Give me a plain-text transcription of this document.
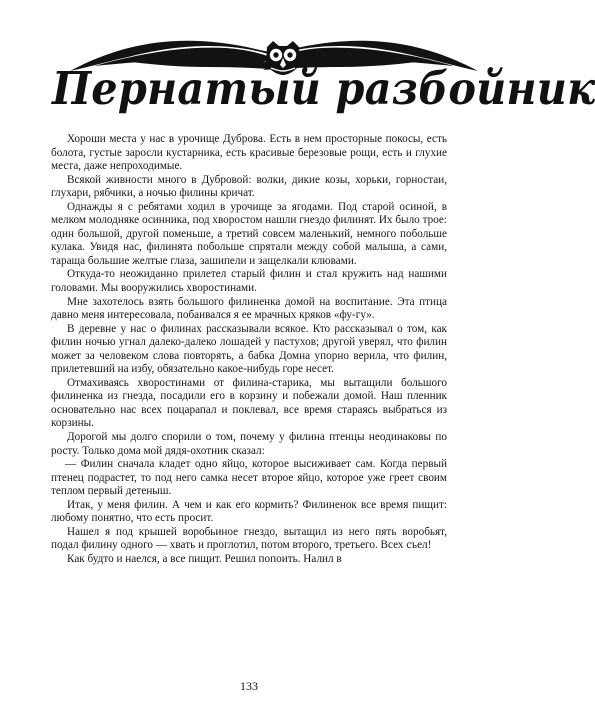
Пернатый разбойник

Хороши места у нас в урочище Дуброва. Есть в нем просторные покосы, есть болота, густые заросли кустарника, есть красивые березовые рощи, есть и глухие места, даже непроходимые.

Всякой живности много в Дубровой: волки, дикие козы, хорьки, горностаи, глухари, рябчики, а ночью филины кричат.

Однажды я с ребятами ходил в урочище за ягодами. Под старой осиной, в мелком молодняке осинника, под хворостом нашли гнездо филинят. Их было трое: один большой, другой поменьше, а третий совсем маленький, немного побольше кулака. Увидя нас, филинята побольше спрятали между собой малыша, а сами, тараща большие желтые глаза, зашипели и защелкали клювами.

Откуда-то неожиданно прилетел старый филин и стал кружить над нашими головами. Мы вооружились хворостинами.

Мне захотелось взять большого филиненка домой на воспитание. Эта птица давно меня интересовала, побаивался я ее мрачных кряков «фу-гу».

В деревне у нас о филинах рассказывали всякое. Кто рассказывал о том, как филин ночью угнал далеко-далеко лошадей у пастухов; другой уверял, что филин может за человеком слова повторять, а бабка Домна упорно верила, что филин, прилетевший на избу, обязательно какое-нибудь горе несет.

Отмахиваясь хворостинами от филина-старика, мы вытащили большого филиненка из гнезда, посадили его в корзину и побежали домой. Наш пленник основательно нас всех поцарапал и поклевал, все время стараясь выбраться из корзины.

Дорогой мы долго спорили о том, почему у филина птенцы неодинаковы по росту. Только дома мой дядя-охотник сказал:

— Филин сначала кладет одно яйцо, которое высиживает сам. Когда первый птенец подрастет, то под него самка несет второе яйцо, которое уже греет своим теплом первый детеныш.

Итак, у меня филин. А чем и как его кормить? Филиненок все время пищит: любому понятно, что есть просит.

Нашел я под крышей воробьиное гнездо, вытащил из него пять воробьят, подал филину одного — хвать и проглотил, потом второго, третьего. Всех съел!

Как будто и наелся, а все пищит. Решил попоить. Налил в

133
